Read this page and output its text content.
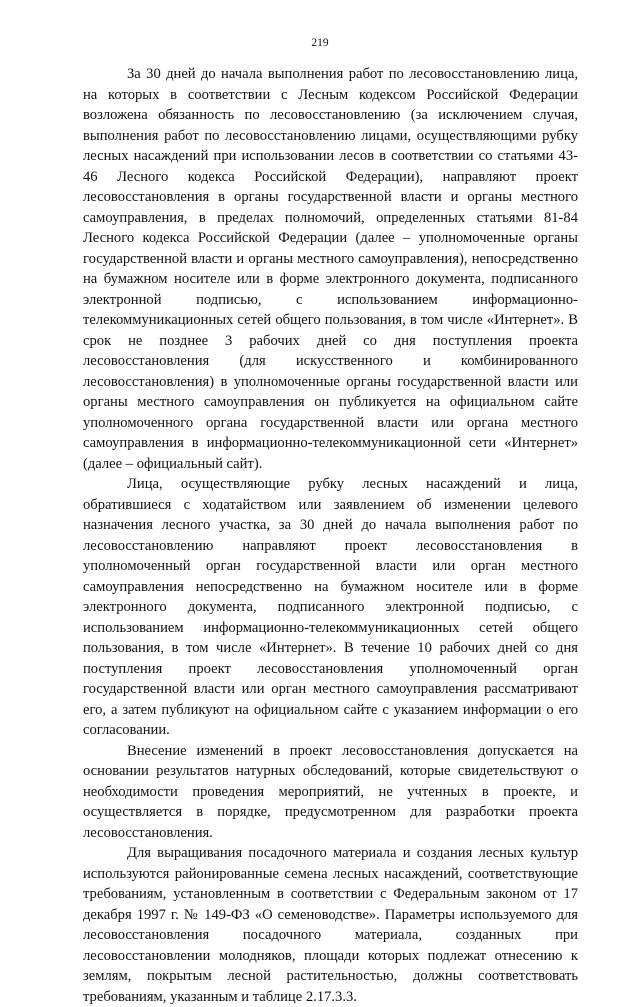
219

За 30 дней до начала выполнения работ по лесовосстановлению лица, на которых в соответствии с Лесным кодексом Российской Федерации возложена обязанность по лесовосстановлению (за исключением случая, выполнения работ по лесовосстановлению лицами, осуществляющими рубку лесных насаждений при использовании лесов в соответствии со статьями 43-46 Лесного кодекса Российской Федерации), направляют проект лесовосстановления в органы государственной власти и органы местного самоуправления, в пределах полномочий, определенных статьями 81-84 Лесного кодекса Российской Федерации (далее – уполномоченные органы государственной власти и органы местного самоуправления), непосредственно на бумажном носителе или в форме электронного документа, подписанного электронной подписью, с использованием информационно-телекоммуникационных сетей общего пользования, в том числе «Интернет». В срок не позднее 3 рабочих дней со дня поступления проекта лесовосстановления (для искусственного и комбинированного лесовосстановления) в уполномоченные органы государственной власти или органы местного самоуправления он публикуется на официальном сайте уполномоченного органа государственной власти или органа местного самоуправления в информационно-телекоммуникационной сети «Интернет» (далее – официальный сайт).

Лица, осуществляющие рубку лесных насаждений и лица, обратившиеся с ходатайством или заявлением об изменении целевого назначения лесного участка, за 30 дней до начала выполнения работ по лесовосстановлению направляют проект лесовосстановления в уполномоченный орган государственной власти или орган местного самоуправления непосредственно на бумажном носителе или в форме электронного документа, подписанного электронной подписью, с использованием информационно-телекоммуникационных сетей общего пользования, в том числе «Интернет». В течение 10 рабочих дней со дня поступления проект лесовосстановления уполномоченный орган государственной власти или орган местного самоуправления рассматривают его, а затем публикуют на официальном сайте с указанием информации о его согласовании.

Внесение изменений в проект лесовосстановления допускается на основании результатов натурных обследований, которые свидетельствуют о необходимости проведения мероприятий, не учтенных в проекте, и осуществляется в порядке, предусмотренном для разработки проекта лесовосстановления.

Для выращивания посадочного материала и создания лесных культур используются районированные семена лесных насаждений, соответствующие требованиям, установленным в соответствии с Федеральным законом от 17 декабря 1997 г. № 149-ФЗ «О семеноводстве». Параметры используемого для лесовосстановления посадочного материала, созданных при лесовосстановлении молодняков, площади которых подлежат отнесению к землям, покрытым лесной растительностью, должны соответствовать требованиям, указанным и таблице 2.17.3.3.
